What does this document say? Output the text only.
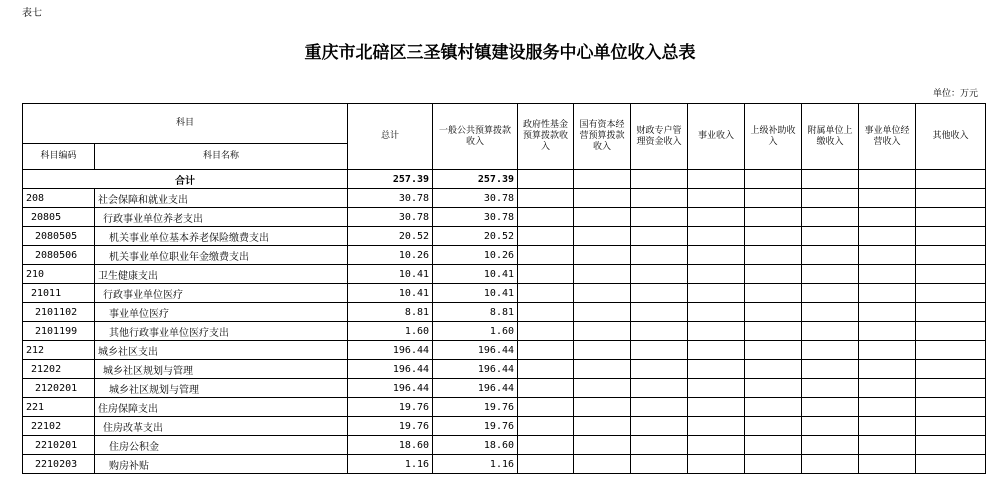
表七
重庆市北碚区三圣镇村镇建设服务中心单位收入总表
单位：万元
科目		总计	一般公共预算拨款收入	政府性基金预算拨款收入	国有资本经营预算拨款收入	财政专户管理资金收入	事业收入	上级补助收入	附属单位上缴收入	事业单位经营收入	其他收入
科目编码	科目名称										
合计		257.39	257.39								
208	社会保障和就业支出	30.78	30.78								
20805	行政事业单位养老支出	30.78	30.78								
2080505	机关事业单位基本养老保险缴费支出	20.52	20.52								
2080506	机关事业单位职业年金缴费支出	10.26	10.26								
210	卫生健康支出	10.41	10.41								
21011	行政事业单位医疗	10.41	10.41								
2101102	事业单位医疗	8.81	8.81								
2101199	其他行政事业单位医疗支出	1.60	1.60								
212	城乡社区支出	196.44	196.44								
21202	城乡社区规划与管理	196.44	196.44								
2120201	城乡社区规划与管理	196.44	196.44								
221	住房保障支出	19.76	19.76								
22102	住房改革支出	19.76	19.76								
2210201	住房公积金	18.60	18.60								
2210203	购房补贴	1.16	1.16								
